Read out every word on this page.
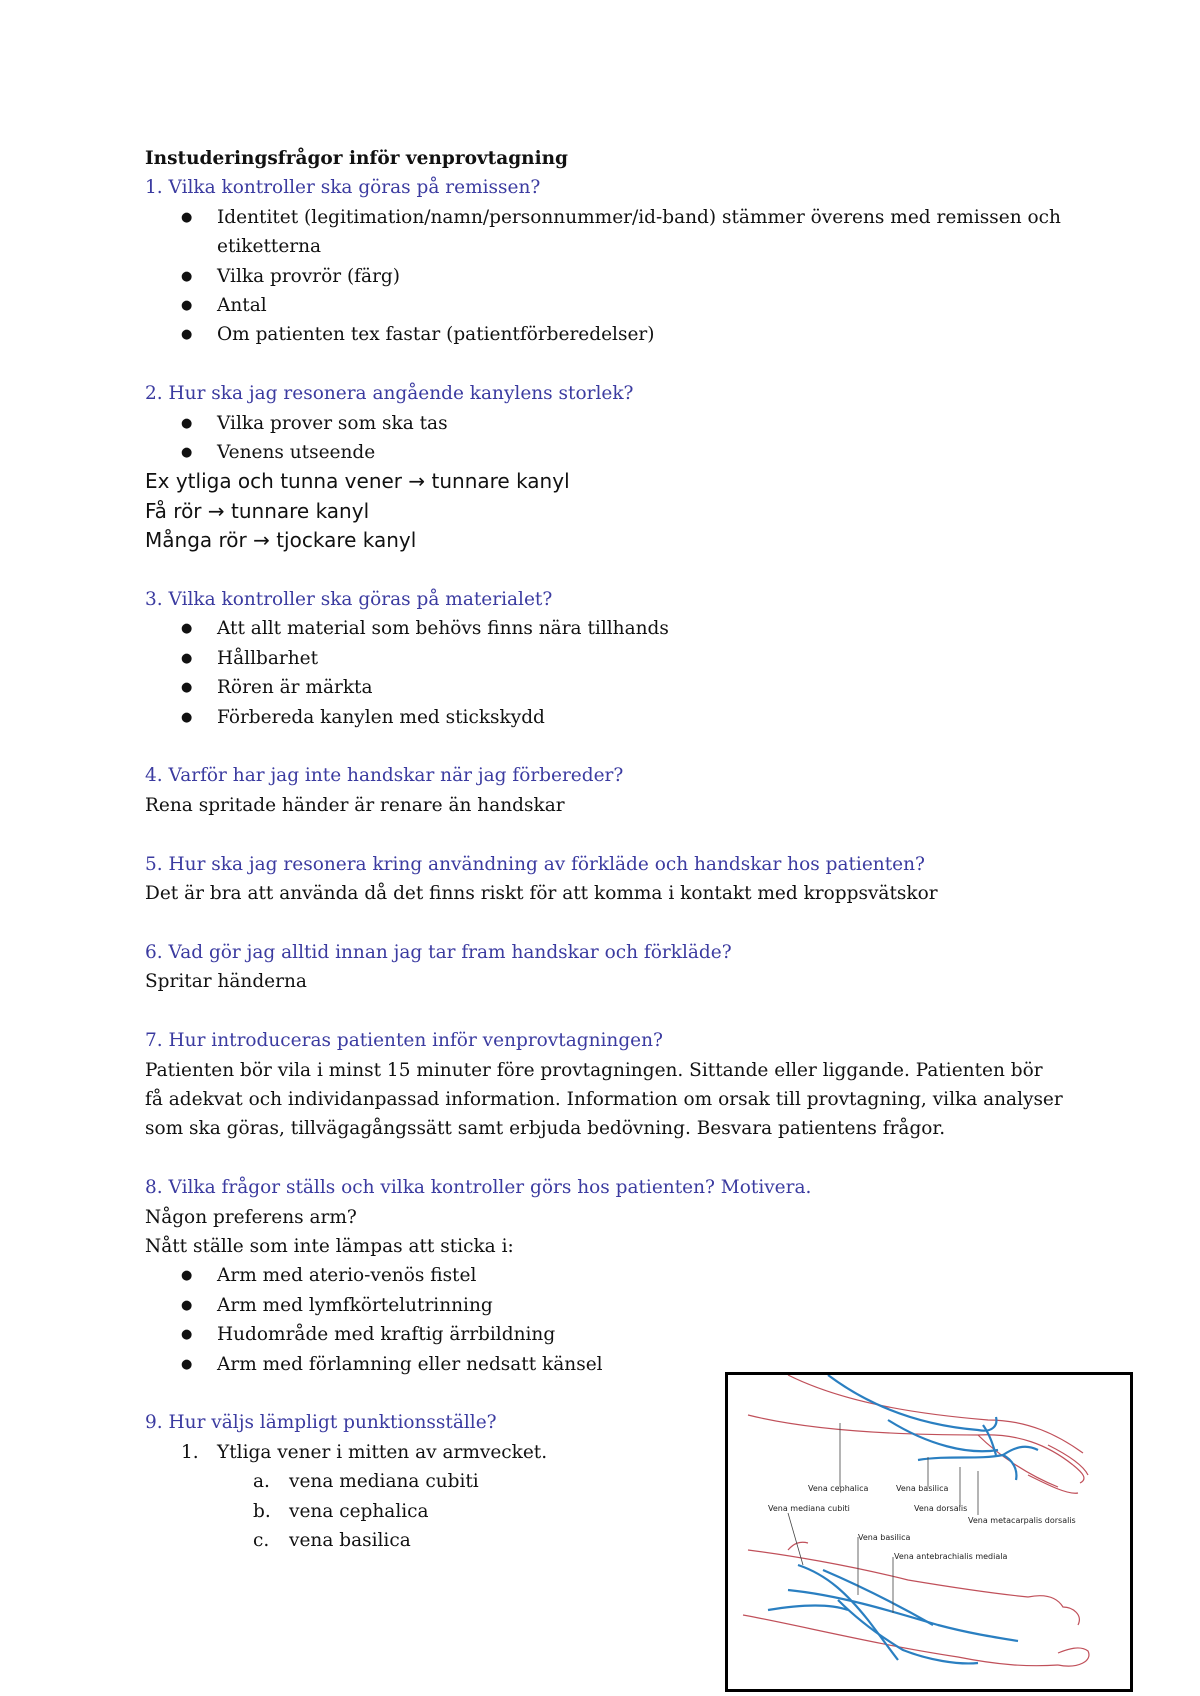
Instuderingsfrågor inför venprovtagning
1. Vilka kontroller ska göras på remissen?
● Identitet (legitimation/namn/personnummer/id-band) stämmer överens med remissen och etiketterna
● Vilka provrör (färg)
● Antal
● Om patienten tex fastar (patientförberedelser)
2. Hur ska jag resonera angående kanylens storlek?
● Vilka prover som ska tas
● Venens utseende
Ex ytliga och tunna vener → tunnare kanyl
Få rör → tunnare kanyl
Många rör → tjockare kanyl
3. Vilka kontroller ska göras på materialet?
● Att allt material som behövs finns nära tillhands
● Hållbarhet
● Rören är märkta
● Förbereda kanylen med stickskydd
4. Varför har jag inte handskar när jag förbereder?
Rena spritade händer är renare än handskar
5. Hur ska jag resonera kring användning av förkläde och handskar hos patienten?
Det är bra att använda då det finns riskt för att komma i kontakt med kroppsvätskor
6. Vad gör jag alltid innan jag tar fram handskar och förkläde?
Spritar händerna
7. Hur introduceras patienten inför venprovtagningen?
Patienten bör vila i minst 15 minuter före provtagningen. Sittande eller liggande. Patienten bör få adekvat och individanpassad information. Information om orsak till provtagning, vilka analyser som ska göras, tillvägagångssätt samt erbjuda bedövning. Besvara patientens frågor.
8. Vilka frågor ställs och vilka kontroller görs hos patienten? Motivera.
Någon preferens arm?
Nått ställe som inte lämpas att sticka i:
● Arm med aterio-venös fistel
● Arm med lymfkörtelutrinning
● Hudområde med kraftig ärrbildning
● Arm med förlamning eller nedsatt känsel
9. Hur väljs lämpligt punktionsställe?
1. Ytliga vener i mitten av armvecket.
a. vena mediana cubiti
b. vena cephalica
c. vena basilica
Vena cephalica	Vena basilica
Vena mediana cubiti	Vena dorsalis
Vena metacarpalis dorsalis
Vena basilica
Vena antebrachialis mediala
